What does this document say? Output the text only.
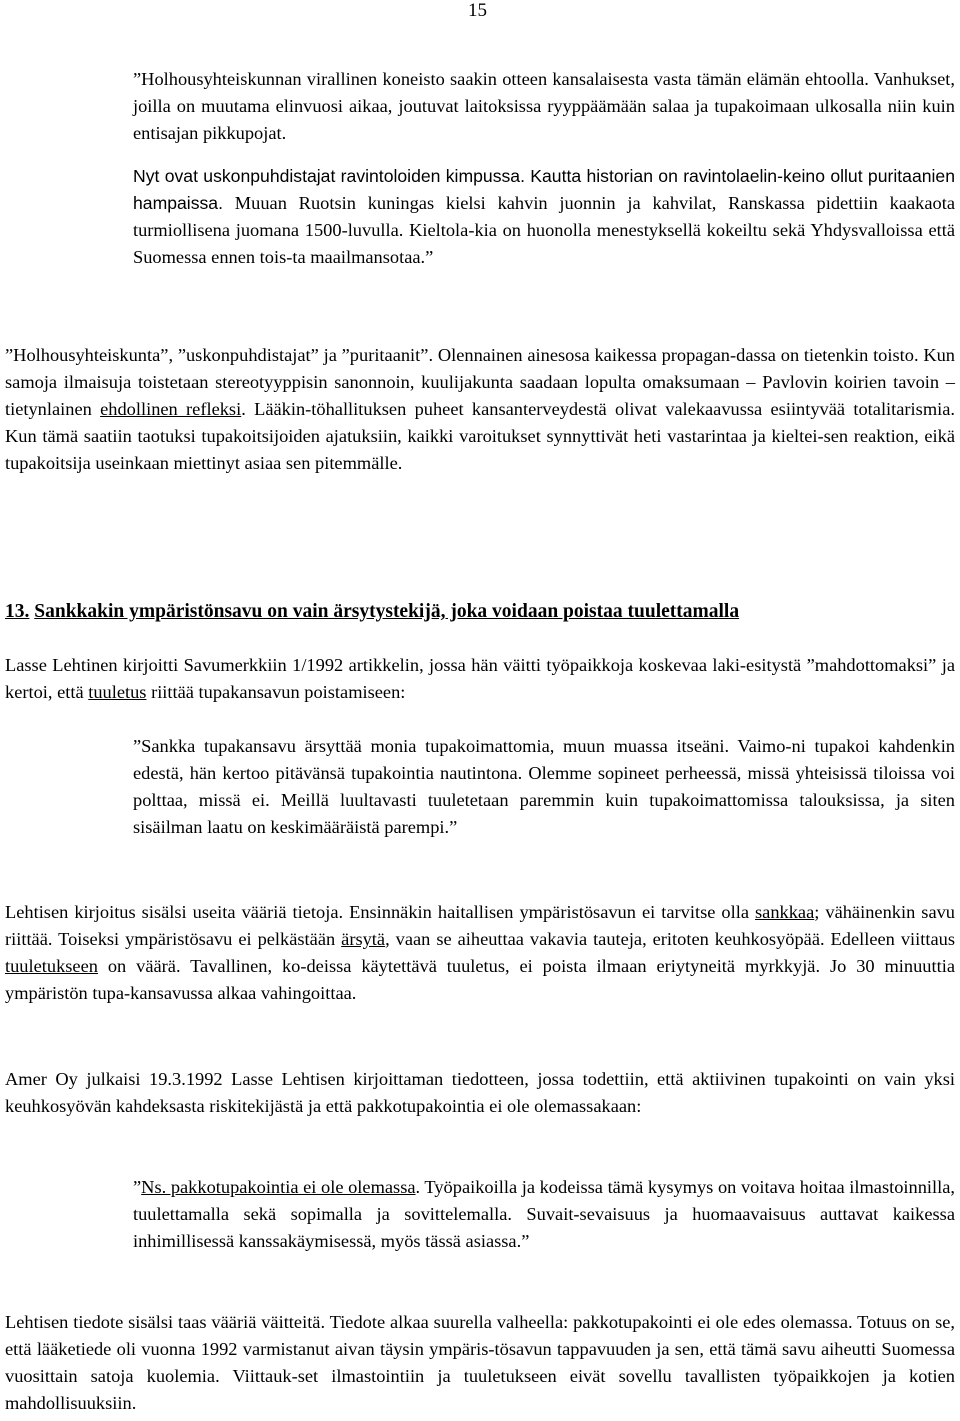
15

”Holhousyhteiskunnan virallinen koneisto saakin otteen kansalaisesta vasta tämän elämän ehtoolla. Vanhukset, joilla on muutama elinvuosi aikaa, joutuvat laitoksissa ryyppäämään salaa ja tupakoimaan ulkosalla niin kuin entisajan pikkupojat.

Nyt ovat uskonpuhdistajat ravintoloiden kimpussa. Kautta historian on ravintolaelin-keino ollut puritaanien hampaissa. Muuan Ruotsin kuningas kielsi kahvin juonnin ja kahvilat, Ranskassa pidettiin kaakaota turmiollisena juomana 1500-luvulla. Kieltola-kia on huonolla menestyksellä kokeiltu sekä Yhdysvalloissa että Suomessa ennen tois-ta maailmansotaa.”

”Holhousyhteiskunta”, ”uskonpuhdistajat” ja ”puritaanit”. Olennainen ainesosa kaikessa propagan-dassa on tietenkin toisto. Kun samoja ilmaisuja toistetaan stereotyyppisin sanonnoin, kuulijakunta saadaan lopulta omaksumaan – Pavlovin koirien tavoin – tietynlainen ehdollinen refleksi. Lääkin-töhallituksen puheet kansanterveydestä olivat valekaavussa esiintyvää totalitarismia. Kun tämä saatiin taotuksi tupakoitsijoiden ajatuksiin, kaikki varoitukset synnyttivät heti vastarintaa ja kieltei-sen reaktion, eikä tupakoitsija useinkaan miettinyt asiaa sen pitemmälle.

13. Sankkakin ympäristönsavu on vain ärsytystekijä, joka voidaan poistaa tuulettamalla

Lasse Lehtinen kirjoitti Savumerkkiin 1/1992 artikkelin, jossa hän väitti työpaikkoja koskevaa laki-esitystä ”mahdottomaksi” ja kertoi, että tuuletus riittää tupakansavun poistamiseen:

”Sankka tupakansavu ärsyttää monia tupakoimattomia, muun muassa itseäni. Vaimo-ni tupakoi kahdenkin edestä, hän kertoo pitävänsä tupakointia nautintona. Olemme sopineet perheessä, missä yhteisissä tiloissa voi polttaa, missä ei. Meillä luultavasti tuuletetaan paremmin kuin tupakoimattomissa talouksissa, ja siten sisäilman laatu on keskimääräistä parempi.”

Lehtisen kirjoitus sisälsi useita vääriä tietoja. Ensinnäkin haitallisen ympäristösavun ei tarvitse olla sankkaa; vähäinenkin savu riittää. Toiseksi ympäristösavu ei pelkästään ärsytä, vaan se aiheuttaa vakavia tauteja, eritoten keuhkosyöpää. Edelleen viittaus tuuletukseen on väärä. Tavallinen, ko-deissa käytettävä tuuletus, ei poista ilmaan eriytyneitä myrkkyjä. Jo 30 minuuttia ympäristön tupa-kansavussa alkaa vahingoittaa.

Amer Oy julkaisi 19.3.1992 Lasse Lehtisen kirjoittaman tiedotteen, jossa todettiin, että aktiivinen tupakointi on vain yksi keuhkosyövän kahdeksasta riskitekijästä ja että pakkotupakointia ei ole olemassakaan:

”Ns. pakkotupakointia ei ole olemassa. Työpaikoilla ja kodeissa tämä kysymys on voitava hoitaa ilmastoinnilla, tuulettamalla sekä sopimalla ja sovittelemalla. Suvait-sevaisuus ja huomaavaisuus auttavat kaikessa inhimillisessä kanssakäymisessä, myös tässä asiassa.”

Lehtisen tiedote sisälsi taas vääriä väitteitä. Tiedote alkaa suurella valheella: pakkotupakointi ei ole edes olemassa. Totuus on se, että lääketiede oli vuonna 1992 varmistanut aivan täysin ympäris-tösavun tappavuuden ja sen, että tämä savu aiheutti Suomessa vuosittain satoja kuolemia. Viittauk-set ilmastointiin ja tuuletukseen eivät sovellu tavallisten työpaikkojen ja kotien mahdollisuuksiin.
